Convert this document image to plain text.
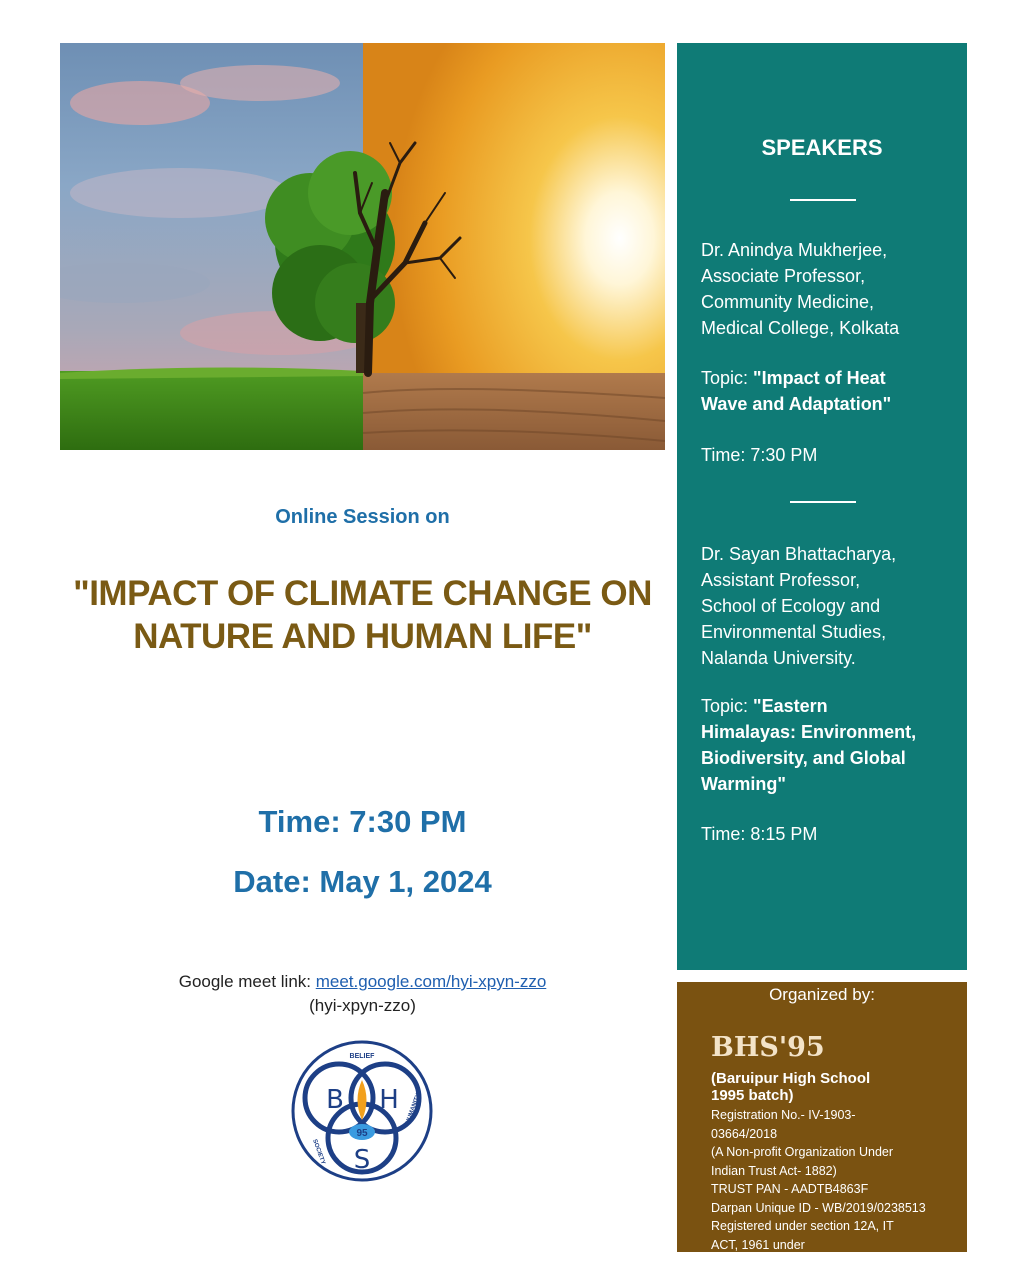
Online Session on
"IMPACT OF CLIMATE CHANGE ON
NATURE AND HUMAN LIFE"
Time: 7:30 PM
Date: May 1, 2024
Google meet link: meet.google.com/hyi-xpyn-zzo
(hyi-xpyn-zzo)
BELIEF
SOCIETY
HUMANITY
B H
S
95
SPEAKERS
Dr. Anindya Mukherjee,
Associate Professor,
Community Medicine,
Medical College, Kolkata
Topic: "Impact of Heat
Wave and Adaptation"
Time: 7:30 PM
Dr. Sayan Bhattacharya,
Assistant Professor,
School of Ecology and
Environmental Studies,
Nalanda University.
Topic: "Eastern
Himalayas: Environment,
Biodiversity, and Global
Warming"
Time: 8:15 PM
Organized by:
BHS'95
(Baruipur High School
1995 batch)
Registration No.- IV-1903-
03664/2018
(A Non-profit Organization Under
Indian Trust Act- 1882)
TRUST PAN - AADTB4863F
Darpan Unique ID - WB/2019/0238513
Registered under section 12A, IT
ACT, 1961 under
